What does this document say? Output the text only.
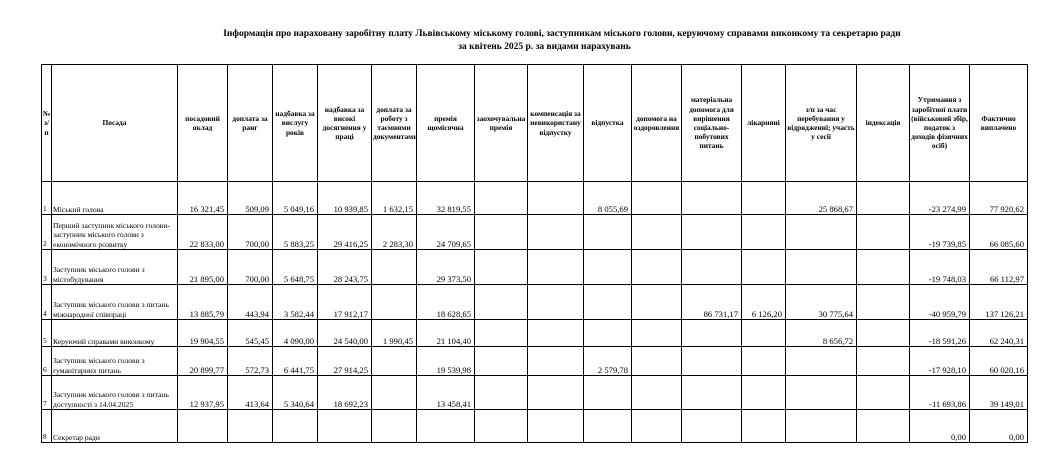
Інформація про нараховану заробітну плату Львівському міському голові, заступникам міського голови, керуючому справами виконкому та секретарю ради
за квітень 2025 р. за видами нарахувань
№ з/п	Посада	посадовий оклад	доплата за ранг	надбавка за вислугу років	надбавка за високі досягнення у праці	доплата за роботу з таємними документами	премія щомісячна	заохочувальна премія	компенсація за невикористану відпустку	відпустка	допомога на оздоровлення	матеріальна допомога для вирішення соціально-побутових питань	лікарняні	з/п за час перебування у відрядженні; участь у сесії	індексація	Утримання з заробітної плати (військовий збір, податок з доходів фізичних осіб)	Фактично виплачено
1	Міський голова	16 321,45	509,09	5 049,16	10 939,85	1 632,15	32 819,55			8 055,69				25 868,67		-23 274,99	77 920,62
2	Перший заступник міського голови-заступник міського голови з економічного розвитку	22 833,00	700,00	5 883,25	29 416,25	2 283,30	24 709,65									-19 739,85	66 085,60
3	Заступник міського голови з містобудування	21 895,00	700,00	5 648,75	28 243,75		29 373,50									-19 748,03	66 112,97
4	Заступник міського голови з питань міжнародної співпраці	13 885,79	443,94	3 582,44	17 912,17		18 628,65					86 731,17	6 126,20	30 775,64		-40 959,79	137 126,21
5	Керуючий справами виконкому	19 904,55	545,45	4 090,00	24 540,00	1 990,45	21 104,40							8 656,72		-18 591,26	62 240,31
6	Заступник міського голови з гуманітарних питань	20 899,77	572,73	6 441,75	27 914,25		19 539,98			2 579,78						-17 928,10	60 020,16
7	Заступник міського голови з питань доступності з 14.04.2025	12 937,95	413,64	5 340,64	18 692,23		13 458,41									-11 693,86	39 149,01
8	Секретар ради															0,00	0,00
